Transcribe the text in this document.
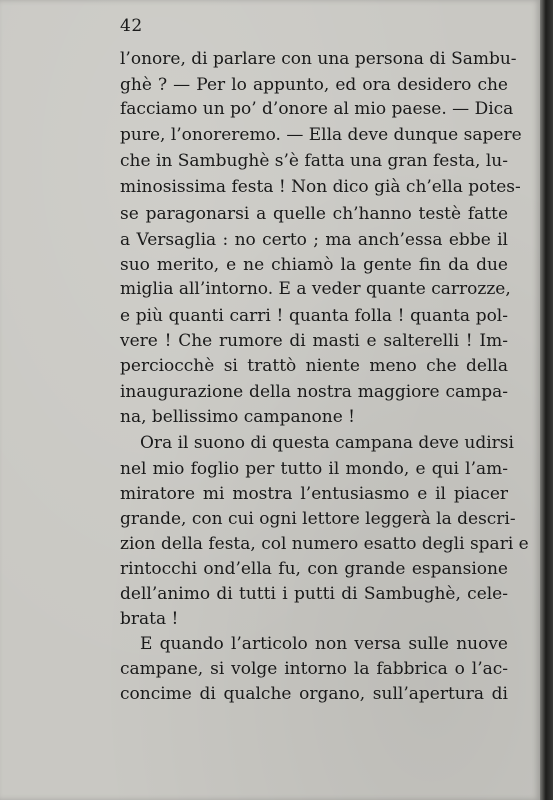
42
l’onore, di parlare con una persona di Sambu-
ghè ? — Per lo appunto, ed ora desidero che
facciamo un po’ d’onore al mio paese. — Dica
pure, l’onoreremo. — Ella deve dunque sapere
che in Sambughè s’è fatta una gran festa, lu-
minosissima festa ! Non dico già ch’ella potes-
se paragonarsi a quelle ch’hanno testè fatte
a Versaglia : no certo ; ma anch’essa ebbe il
suo merito, e ne chiamò la gente fin da due
miglia all’intorno. E a veder quante carrozze,
e più quanti carri ! quanta folla ! quanta pol-
vere ! Che rumore di masti e salterelli ! Im-
perciocchè si trattò niente meno che della
inaugurazione della nostra maggiore campa-
na, bellissimo campanone !
Ora il suono di questa campana deve udirsi
nel mio foglio per tutto il mondo, e qui l’am-
miratore mi mostra l’entusiasmo e il piacer
grande, con cui ogni lettore leggerà la descri-
zion della festa, col numero esatto degli spari e
rintocchi ond’ella fu, con grande espansione
dell’animo di tutti i putti di Sambughè, cele-
brata !
E quando l’articolo non versa sulle nuove
campane, si volge intorno la fabbrica o l’ac-
concime di qualche organo, sull’apertura di
